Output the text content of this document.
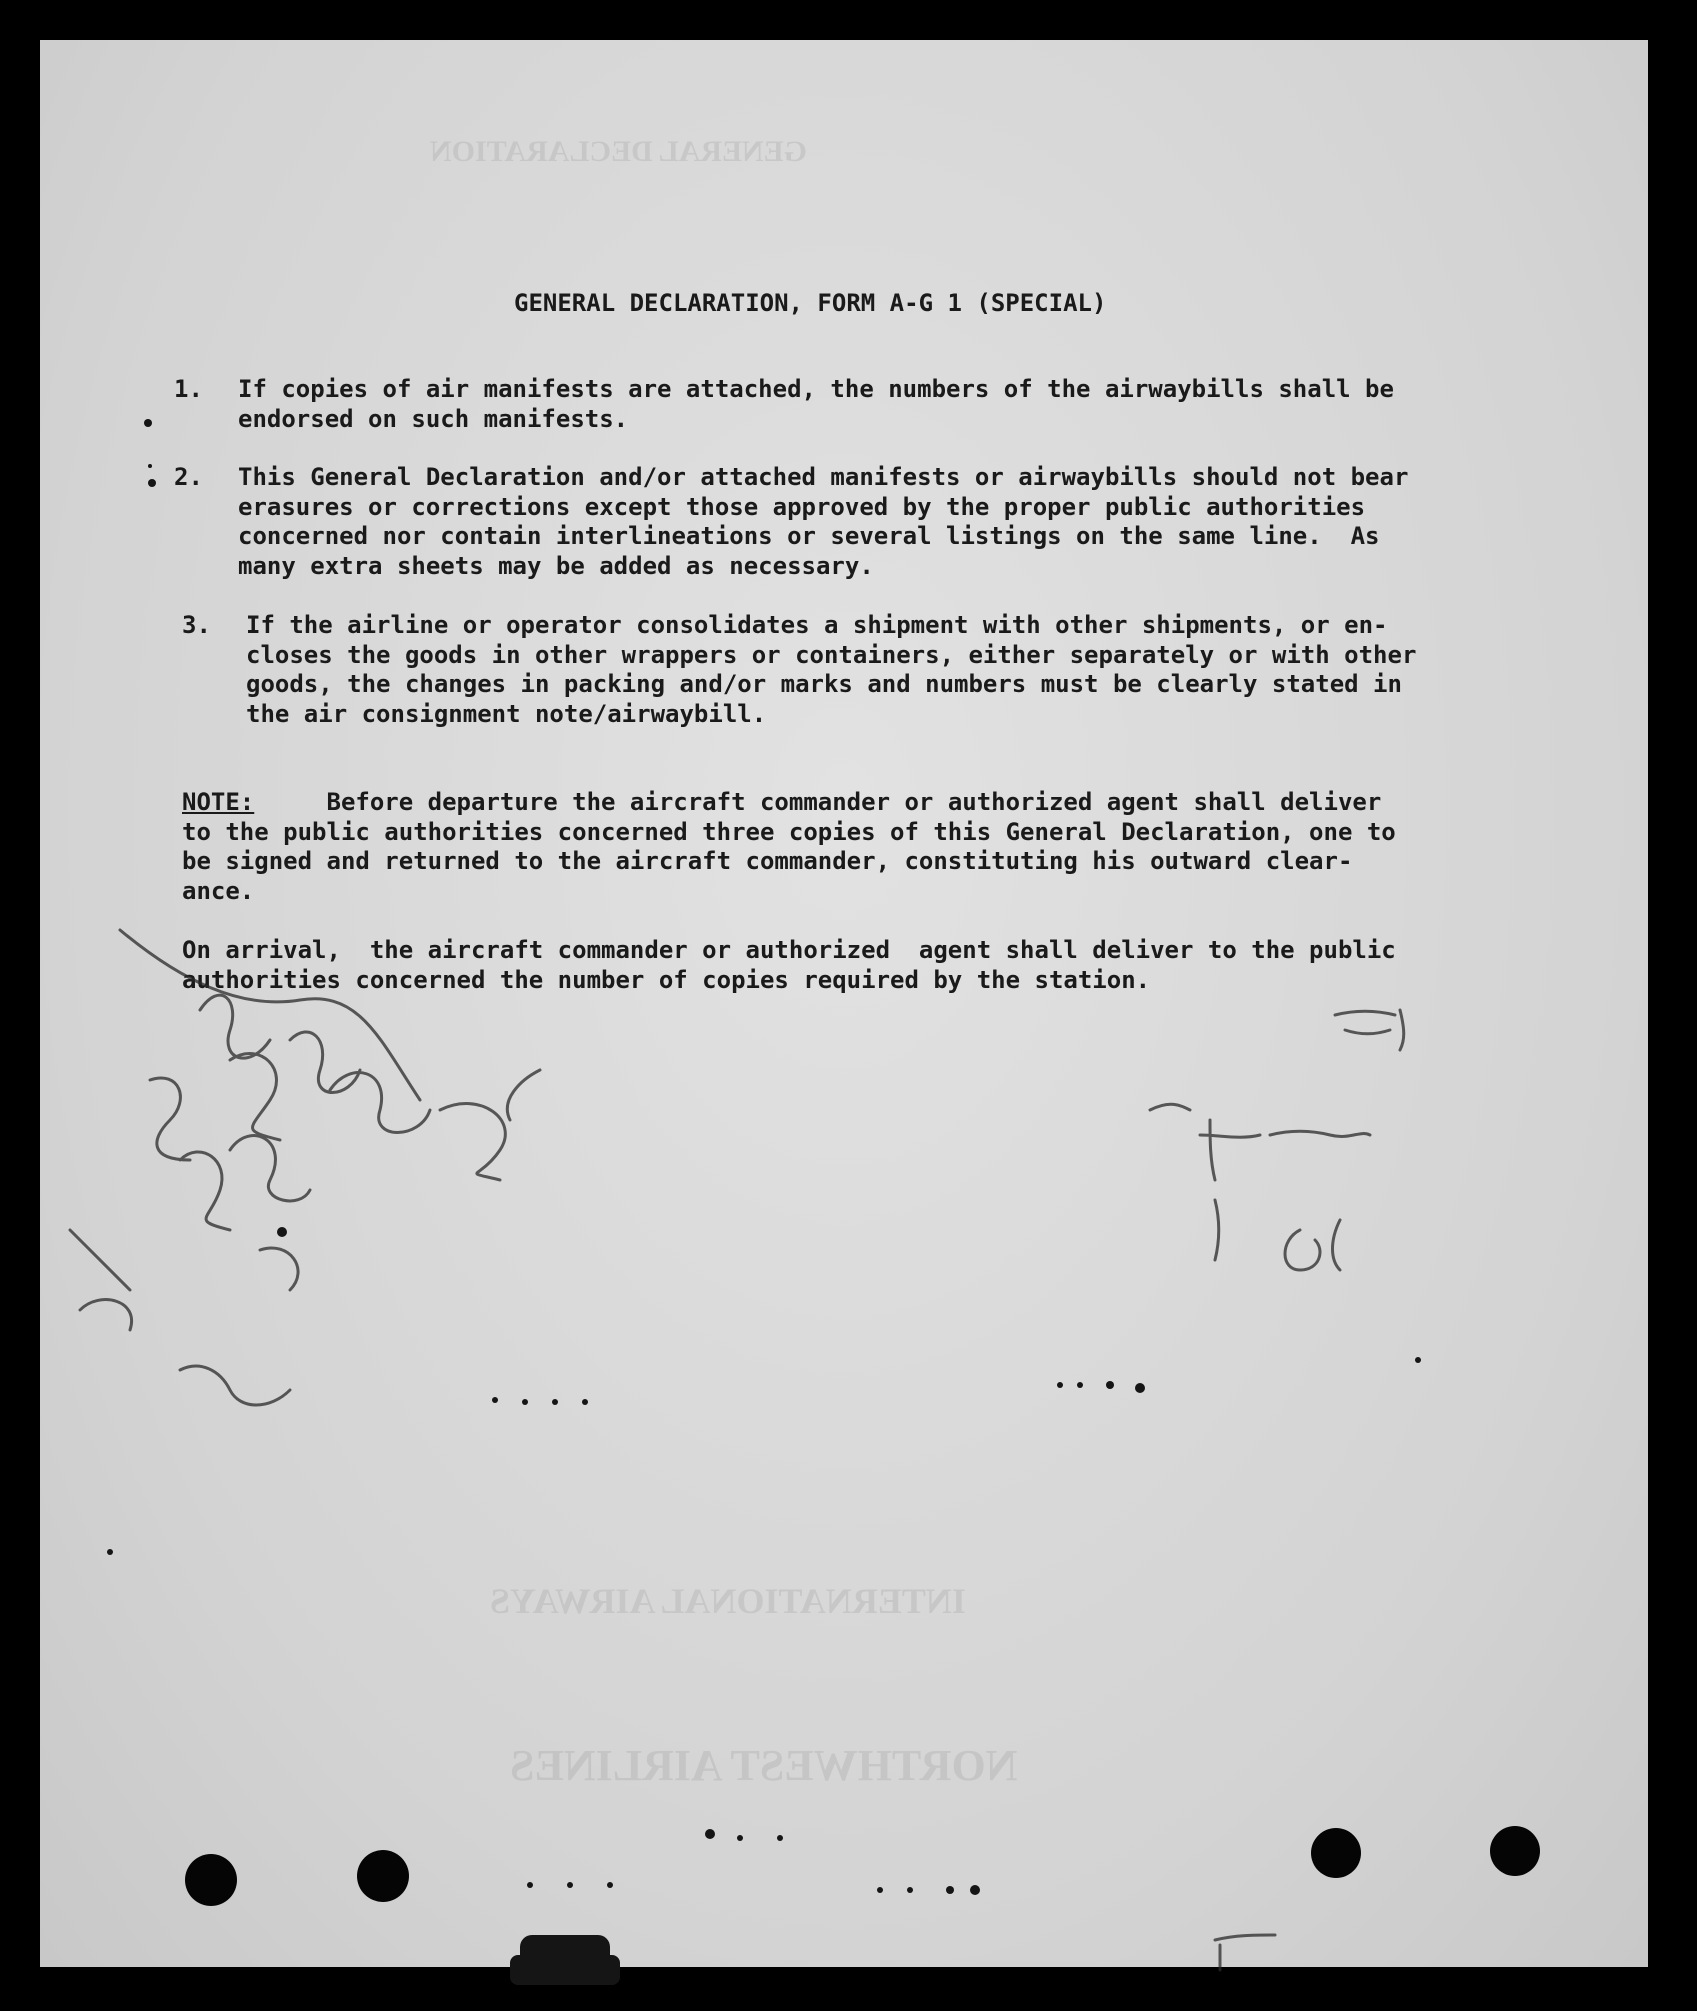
GENERAL DECLARATION
INTERNATIONAL AIRWAYS
NORTHWEST AIRLINES
GENERAL DECLARATION, FORM A-G 1 (SPECIAL)
1. If copies of air manifests are attached, the numbers of the airwaybills shall be

endorsed on such manifests.

2. This General Declaration and/or attached manifests or airwaybills should not bear

erasures or corrections except those approved by the proper public authorities

concerned nor contain interlineations or several listings on the same line.  As

many extra sheets may be added as necessary.

3. If the airline or operator consolidates a shipment with other shipments, or en-

closes the goods in other wrappers or containers, either separately or with other

goods, the changes in packing and/or marks and numbers must be clearly stated in

the air consignment note/airwaybill.

NOTE:     Before departure the aircraft commander or authorized agent shall deliver

to the public authorities concerned three copies of this General Declaration, one to

be signed and returned to the aircraft commander, constituting his outward clear-

ance.

On arrival,  the aircraft commander or authorized  agent shall deliver to the public

authorities concerned the number of copies required by the station.
